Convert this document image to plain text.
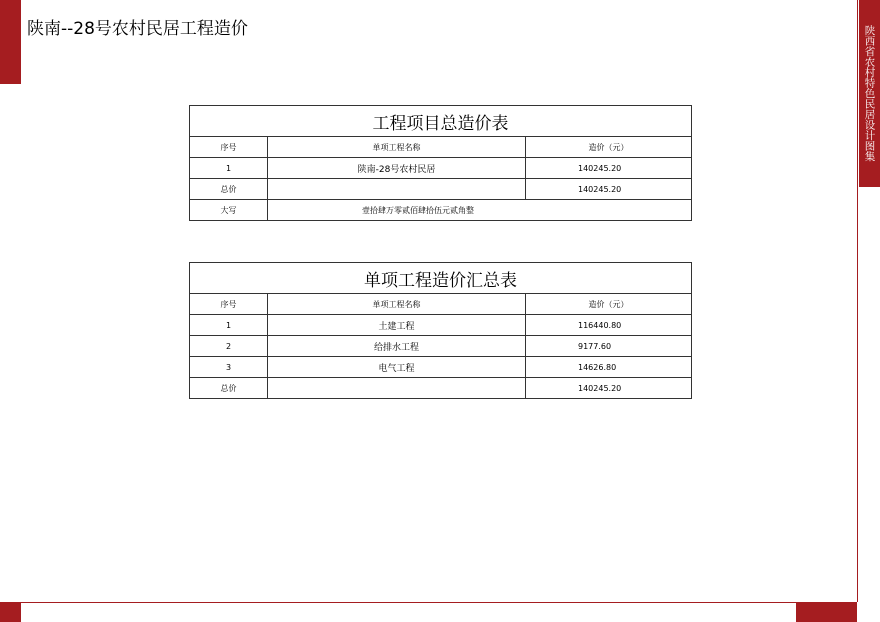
陕西省农村特色民居设计图集
陕南--28号农村民居工程造价
工程项目总造价表		
序号	单项工程名称	造价（元）
1	陕南-28号农村民居	140245.20
总价		140245.20
大写	壹拾肆万零贰佰肆拾伍元贰角整	
单项工程造价汇总表		
序号	单项工程名称	造价（元）
1	土建工程	116440.80
2	给排水工程	9177.60
3	电气工程	14626.80
总价		140245.20
